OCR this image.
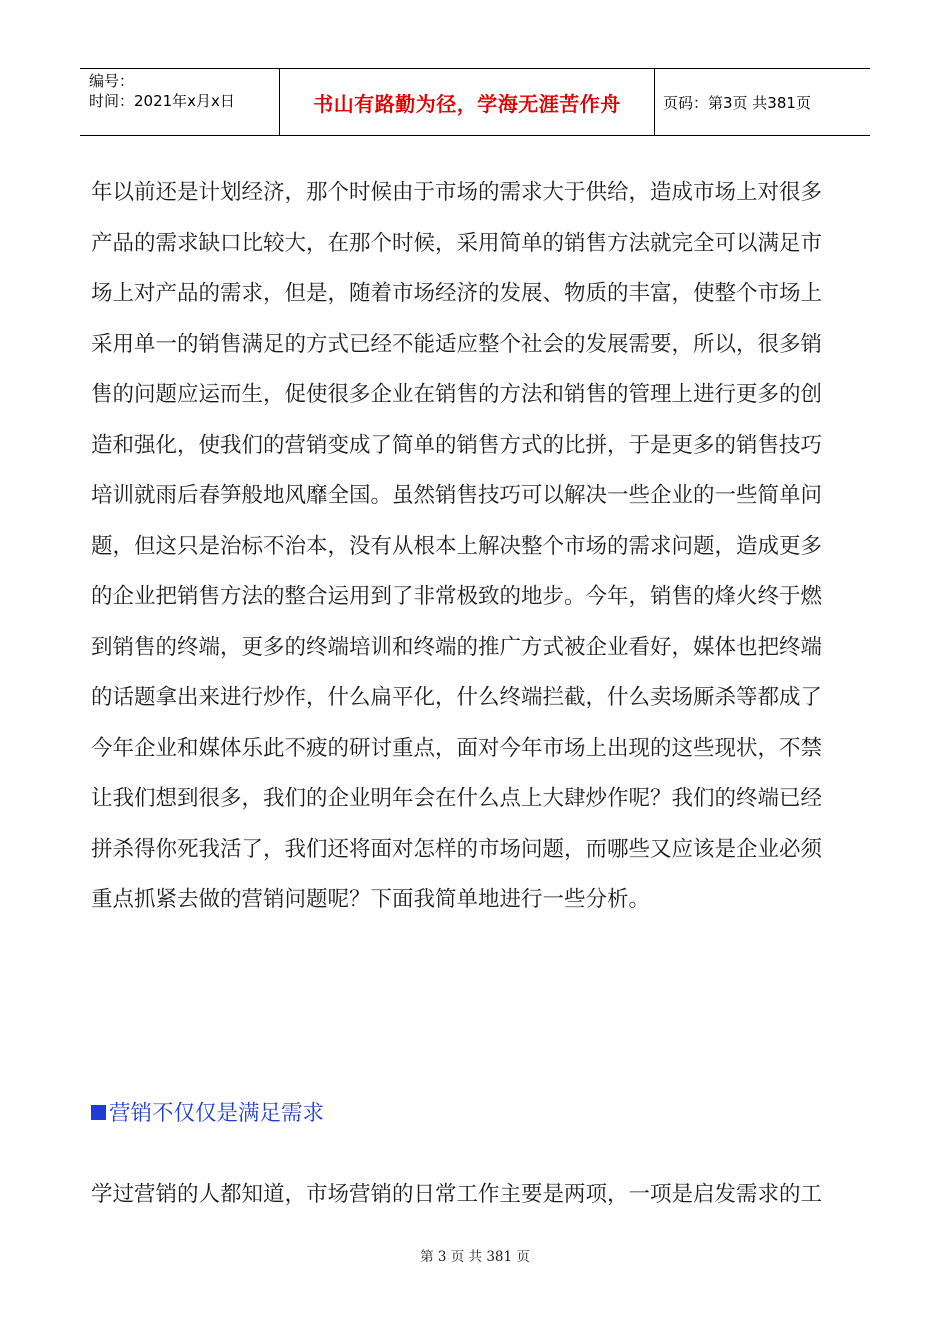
编号：
时间：2021年x月x日	书山有路勤为径，学海无涯苦作舟	页码：第3页 共381页
年以前还是计划经济，那个时候由于市场的需求大于供给，造成市场上对很多
产品的需求缺口比较大，在那个时候，采用简单的销售方法就完全可以满足市
场上对产品的需求，但是，随着市场经济的发展、物质的丰富，使整个市场上
采用单一的销售满足的方式已经不能适应整个社会的发展需要，所以，很多销
售的问题应运而生，促使很多企业在销售的方法和销售的管理上进行更多的创
造和强化，使我们的营销变成了简单的销售方式的比拼，于是更多的销售技巧
培训就雨后春笋般地风靡全国。虽然销售技巧可以解决一些企业的一些简单问
题，但这只是治标不治本，没有从根本上解决整个市场的需求问题，造成更多
的企业把销售方法的整合运用到了非常极致的地步。今年，销售的烽火终于燃
到销售的终端，更多的终端培训和终端的推广方式被企业看好，媒体也把终端
的话题拿出来进行炒作，什么扁平化，什么终端拦截，什么卖场厮杀等都成了
今年企业和媒体乐此不疲的研讨重点，面对今年市场上出现的这些现状，不禁
让我们想到很多，我们的企业明年会在什么点上大肆炒作呢？我们的终端已经
拼杀得你死我活了，我们还将面对怎样的市场问题，而哪些又应该是企业必须
重点抓紧去做的营销问题呢？下面我简单地进行一些分析。
营销不仅仅是满足需求
学过营销的人都知道，市场营销的日常工作主要是两项，一项是启发需求的工
第 3 页 共 381 页
